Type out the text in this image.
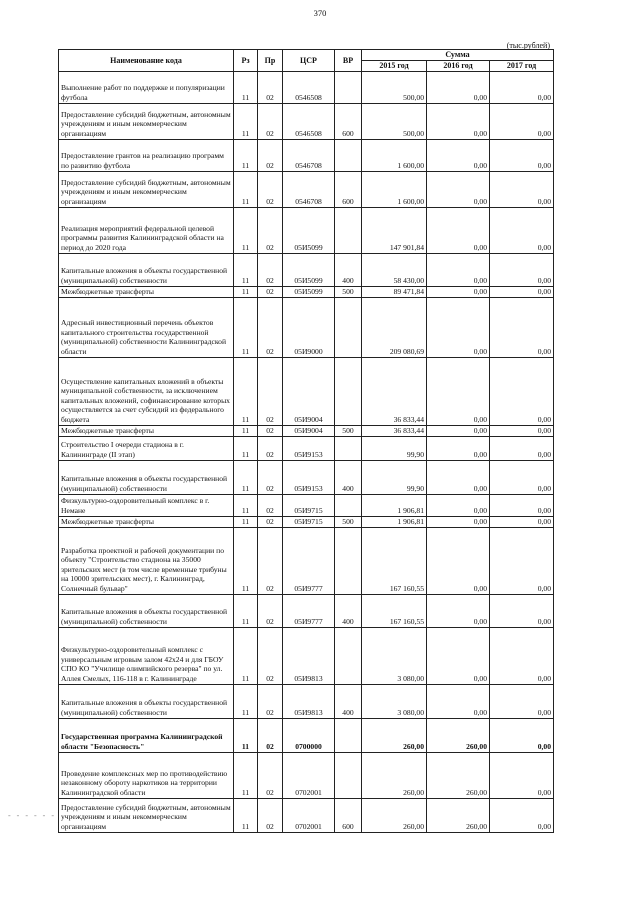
370
(тыс.рублей)
Наименование кода	Рз	Пр	ЦСР	ВР	Сумма		
					2015 год	2016 год	2017 год
Выполнение работ по поддержке и популяризации футбола	11	02	0546508		500,00	0,00	0,00
Предоставление субсидий бюджетным, автономным учреждениям и иным некоммерческим организациям	11	02	0546508	600	500,00	0,00	0,00
Предоставление грантов на реализацию программ по развитию футбола	11	02	0546708		1 600,00	0,00	0,00
Предоставление субсидий бюджетным, автономным учреждениям и иным некоммерческим организациям	11	02	0546708	600	1 600,00	0,00	0,00
Реализация мероприятий федеральной целевой программы развития Калининградской области на период до 2020 года	11	02	05И5099		147 901,84	0,00	0,00
Капитальные вложения в объекты государственной (муниципальной) собственности	11	02	05И5099	400	58 430,00	0,00	0,00
Межбюджетные трансферты	11	02	05И5099	500	89 471,84	0,00	0,00
Адресный инвестиционный перечень объектов капитального строительства государственной (муниципальной) собственности Калининградской области	11	02	05И9000		209 080,69	0,00	0,00
Осуществление капитальных вложений в объекты муниципальной собственности, за исключением капитальных вложений, софинансирование которых осуществляется за счет субсидий из федерального бюджета	11	02	05И9004		36 833,44	0,00	0,00
Межбюджетные трансферты	11	02	05И9004	500	36 833,44	0,00	0,00
Строительство I очереди стадиона в г. Калининграде (II этап)	11	02	05И9153		99,90	0,00	0,00
Капитальные вложения в объекты государственной (муниципальной) собственности	11	02	05И9153	400	99,90	0,00	0,00
Физкультурно-оздоровительный комплекс в г. Немане	11	02	05И9715		1 906,81	0,00	0,00
Межбюджетные трансферты	11	02	05И9715	500	1 906,81	0,00	0,00
Разработка проектной и рабочей документации по объекту "Строительство стадиона на 35000 зрительских мест (в том числе временные трибуны на 10000 зрительских мест), г. Калининград, Солнечный бульвар"	11	02	05И9777		167 160,55	0,00	0,00
Капитальные вложения в объекты государственной (муниципальной) собственности	11	02	05И9777	400	167 160,55	0,00	0,00
Физкультурно-оздоровительный комплекс с универсальным игровым залом 42x24 и для ГБОУ СПО КО "Училище олимпийского резерва" по ул. Аллея Смелых, 116-118 в г. Калининграде	11	02	05И9813		3 080,00	0,00	0,00
Капитальные вложения в объекты государственной (муниципальной) собственности	11	02	05И9813	400	3 080,00	0,00	0,00
Государственная программа Калининградской области "Безопасность"	11	02	0700000		260,00	260,00	0,00
Проведение комплексных мер по противодействию незаконному обороту наркотиков на территории Калининградской области	11	02	0702001		260,00	260,00	0,00
Предоставление субсидий бюджетным, автономным учреждениям и иным некоммерческим организациям	11	02	0702001	600	260,00	260,00	0,00
- - - - - -
